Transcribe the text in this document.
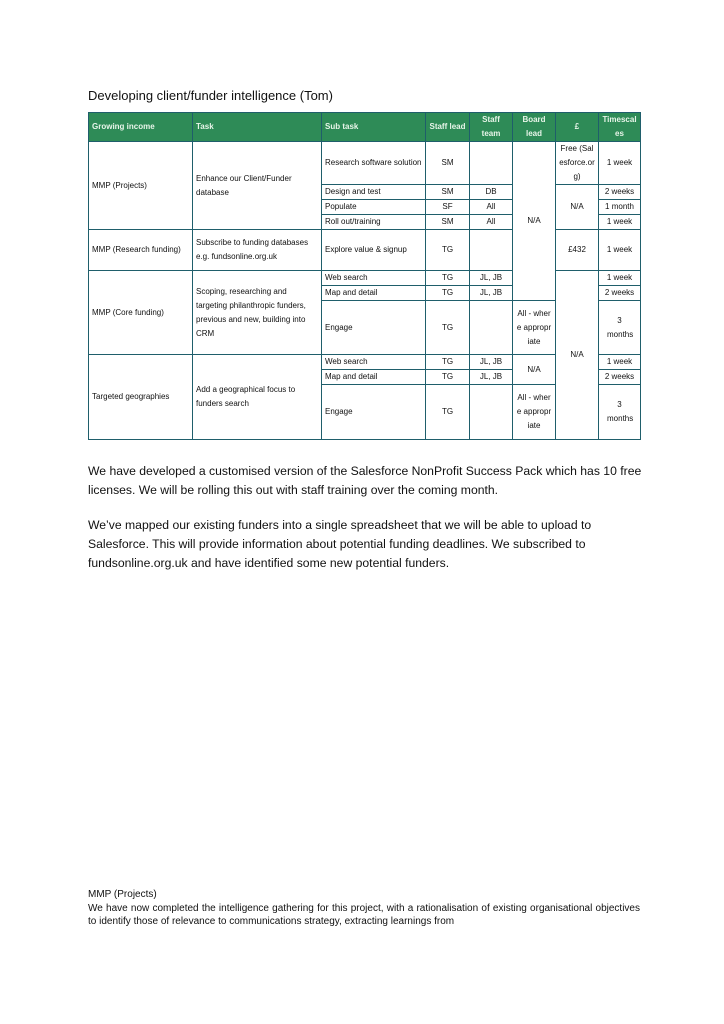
Developing client/funder intelligence (Tom)
Growing income	Task	Sub task	Staff lead	Staff team	Board lead	£	Timescales
MMP (Projects)	Enhance our Client/Funder database	Research software solution	SM		N/A	Free (Salesforce.org)	1 week
		Design and test	SM	DB		N/A	2 weeks
		Populate	SF	All			1 month
		Roll out/training	SM	All			1 week
MMP (Research funding)	Subscribe to funding databases e.g. fundsonline.org.uk	Explore value & signup	TG			£432	1 week
MMP (Core funding)	Scoping, researching and targeting philanthropic funders, previous and new, building into CRM	Web search	TG	JL, JB		N/A	1 week
		Map and detail	TG	JL, JB			2 weeks
		Engage	TG		All - where appropriate		3 months
Targeted geographies	Add a geographical focus to funders search	Web search	TG	JL, JB	N/A		1 week
		Map and detail	TG	JL, JB			2 weeks
		Engage	TG		All - where appropriate		3 months
We have developed a customised version of the Salesforce NonProfit Success Pack which has 10 free licenses. We will be rolling this out with staff training over the coming month.
We’ve mapped our existing funders into a single spreadsheet that we will be able to upload to Salesforce. This will provide information about potential funding deadlines. We subscribed to fundsonline.org.uk and have identified some new potential funders.
MMP (Projects)
We have now completed the intelligence gathering for this project, with a rationalisation of existing organisational objectives to identify those of relevance to communications strategy, extracting learnings from
